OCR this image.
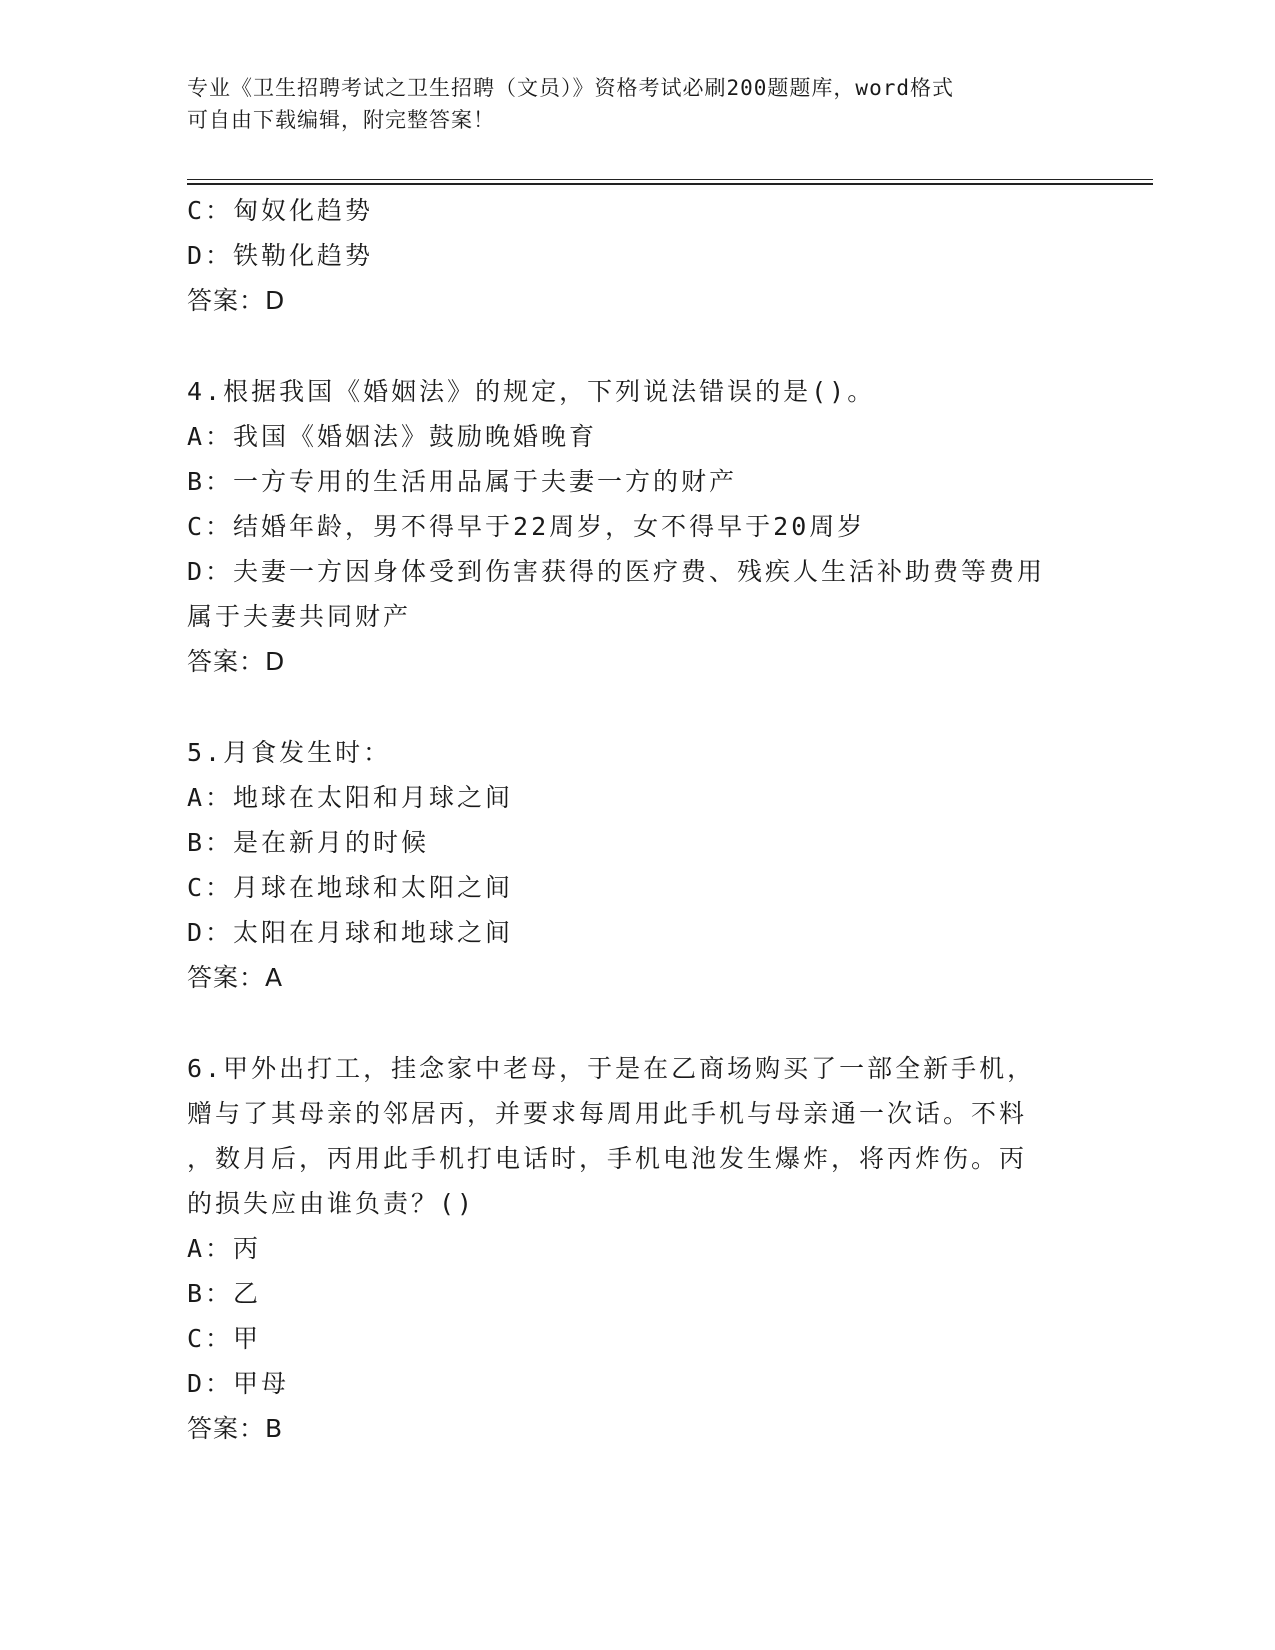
专业《卫生招聘考试之卫生招聘（文员）》资格考试必刷200题题库，word格式
可自由下载编辑，附完整答案！
C：匈奴化趋势
D：铁勒化趋势
答案：D
4.根据我国《婚姻法》的规定，下列说法错误的是()。
A：我国《婚姻法》鼓励晚婚晚育
B：一方专用的生活用品属于夫妻一方的财产
C：结婚年龄，男不得早于22周岁，女不得早于20周岁
D：夫妻一方因身体受到伤害获得的医疗费、残疾人生活补助费等费用
属于夫妻共同财产
答案：D
5.月食发生时：
A：地球在太阳和月球之间
B：是在新月的时候
C：月球在地球和太阳之间
D：太阳在月球和地球之间
答案：A
6.甲外出打工，挂念家中老母，于是在乙商场购买了一部全新手机，
赠与了其母亲的邻居丙，并要求每周用此手机与母亲通一次话。不料
，数月后，丙用此手机打电话时，手机电池发生爆炸，将丙炸伤。丙
的损失应由谁负责？()
A：丙
B：乙
C：甲
D：甲母
答案：B
